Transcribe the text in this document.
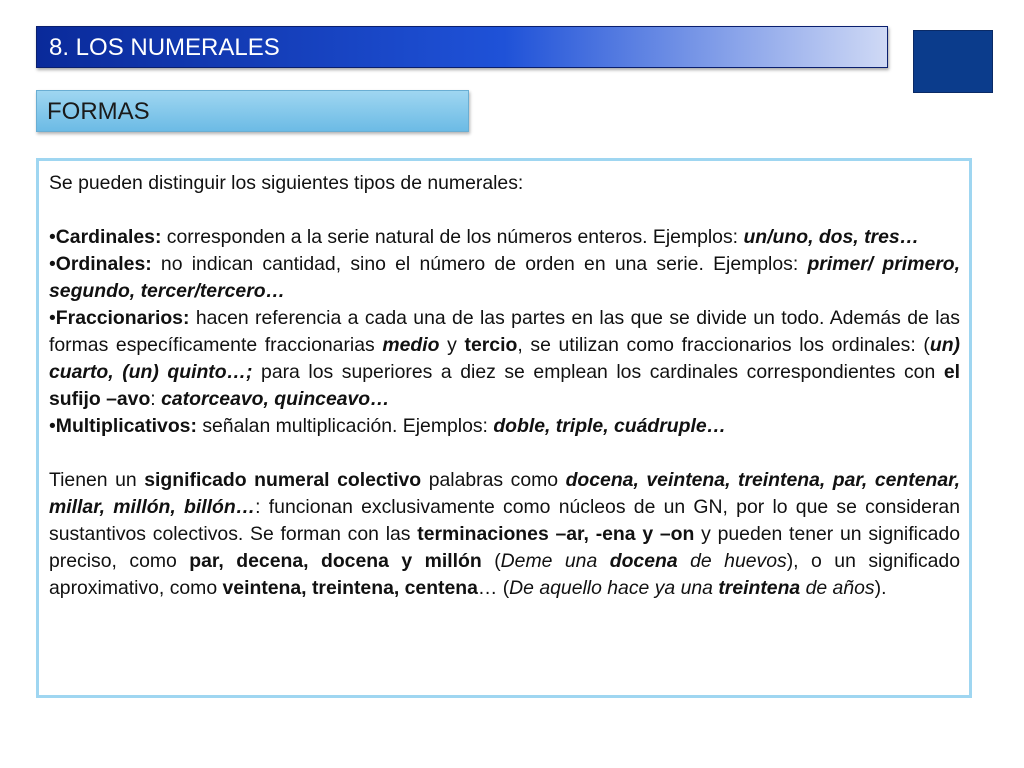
8. LOS NUMERALES
FORMAS

Se pueden distinguir los siguientes tipos de numerales:

•Cardinales: corresponden a la serie natural de los números enteros. Ejemplos: un/uno, dos, tres…

•Ordinales: no indican cantidad, sino el número de orden en una serie. Ejemplos: primer/ primero, segundo, tercer/tercero…

•Fraccionarios: hacen referencia a cada una de las partes en las que se divide un todo. Además de las formas específicamente fraccionarias medio y tercio, se utilizan como fraccionarios los ordinales: (un) cuarto, (un) quinto…; para los superiores a diez se emplean los cardinales correspondientes con el sufijo –avo: catorceavo, quinceavo…

•Multiplicativos: señalan multiplicación. Ejemplos: doble, triple, cuádruple…

Tienen un significado numeral colectivo palabras como docena, veintena, treintena, par, centenar, millar, millón, billón…: funcionan exclusivamente como núcleos de un GN, por lo que se consideran sustantivos colectivos. Se forman con las terminaciones –ar, -ena y –on y pueden tener un significado preciso, como par, decena, docena y millón (Deme una docena de huevos), o un significado aproximativo, como veintena, treintena, centena… (De aquello hace ya una treintena de años).
